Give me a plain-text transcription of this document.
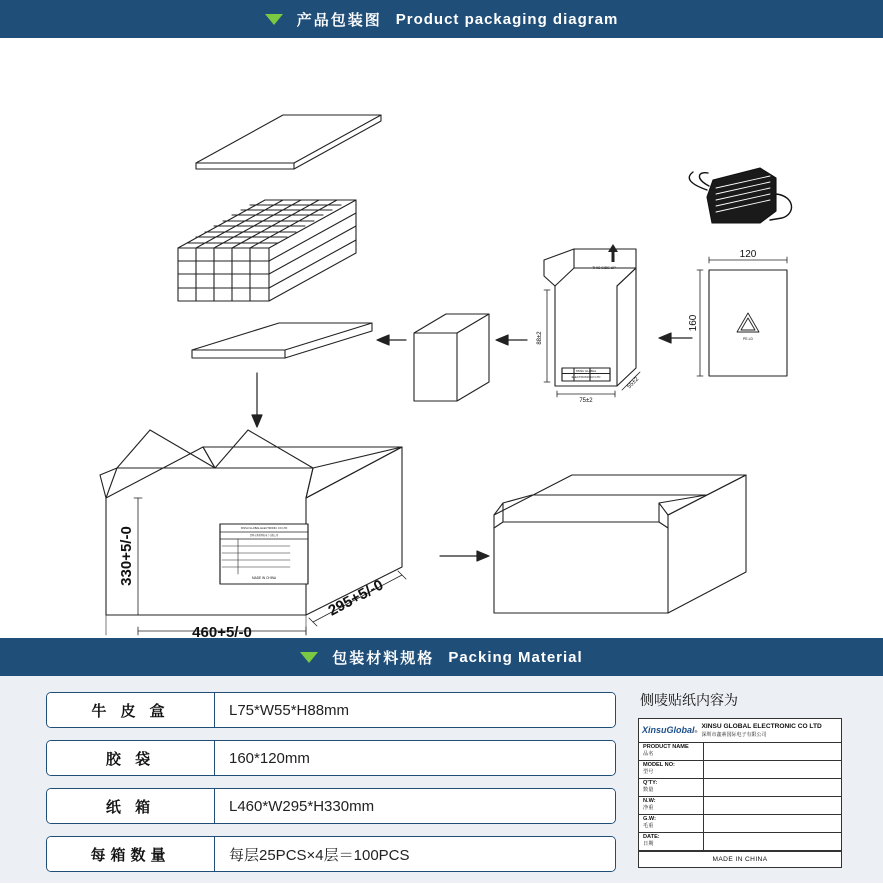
产品包装图 Product packaging diagram
330+5/-0
460+5/-0
295+5/-0
88±2
75±2
55±2
THIS SIDE UP
XINSU GLOBAL
ELECTRONIC CO LTD
120
160
PE-LD
MADE IN CHINA
XINSU GLOBAL ELECTRONIC CO LTD
深圳市鑫素国际电子有限公司
包装材料规格 Packing Material
牛 皮 盒	L75*W55*H88mm
胶 袋	160*120mm
纸 箱	L460*W295*H330mm
每箱数量	每层25PCS×4层＝100PCS
侧唛贴纸内容为
XinsuGlobal®
XINSU GLOBAL ELECTRONIC CO LTD
深圳市鑫素国际电子有限公司
PRODUCT NAME
品名
MODEL NO:
型号
Q'TY:
数量
N.W:
净重
G.W:
毛重
DATE:
日期
MADE IN CHINA
